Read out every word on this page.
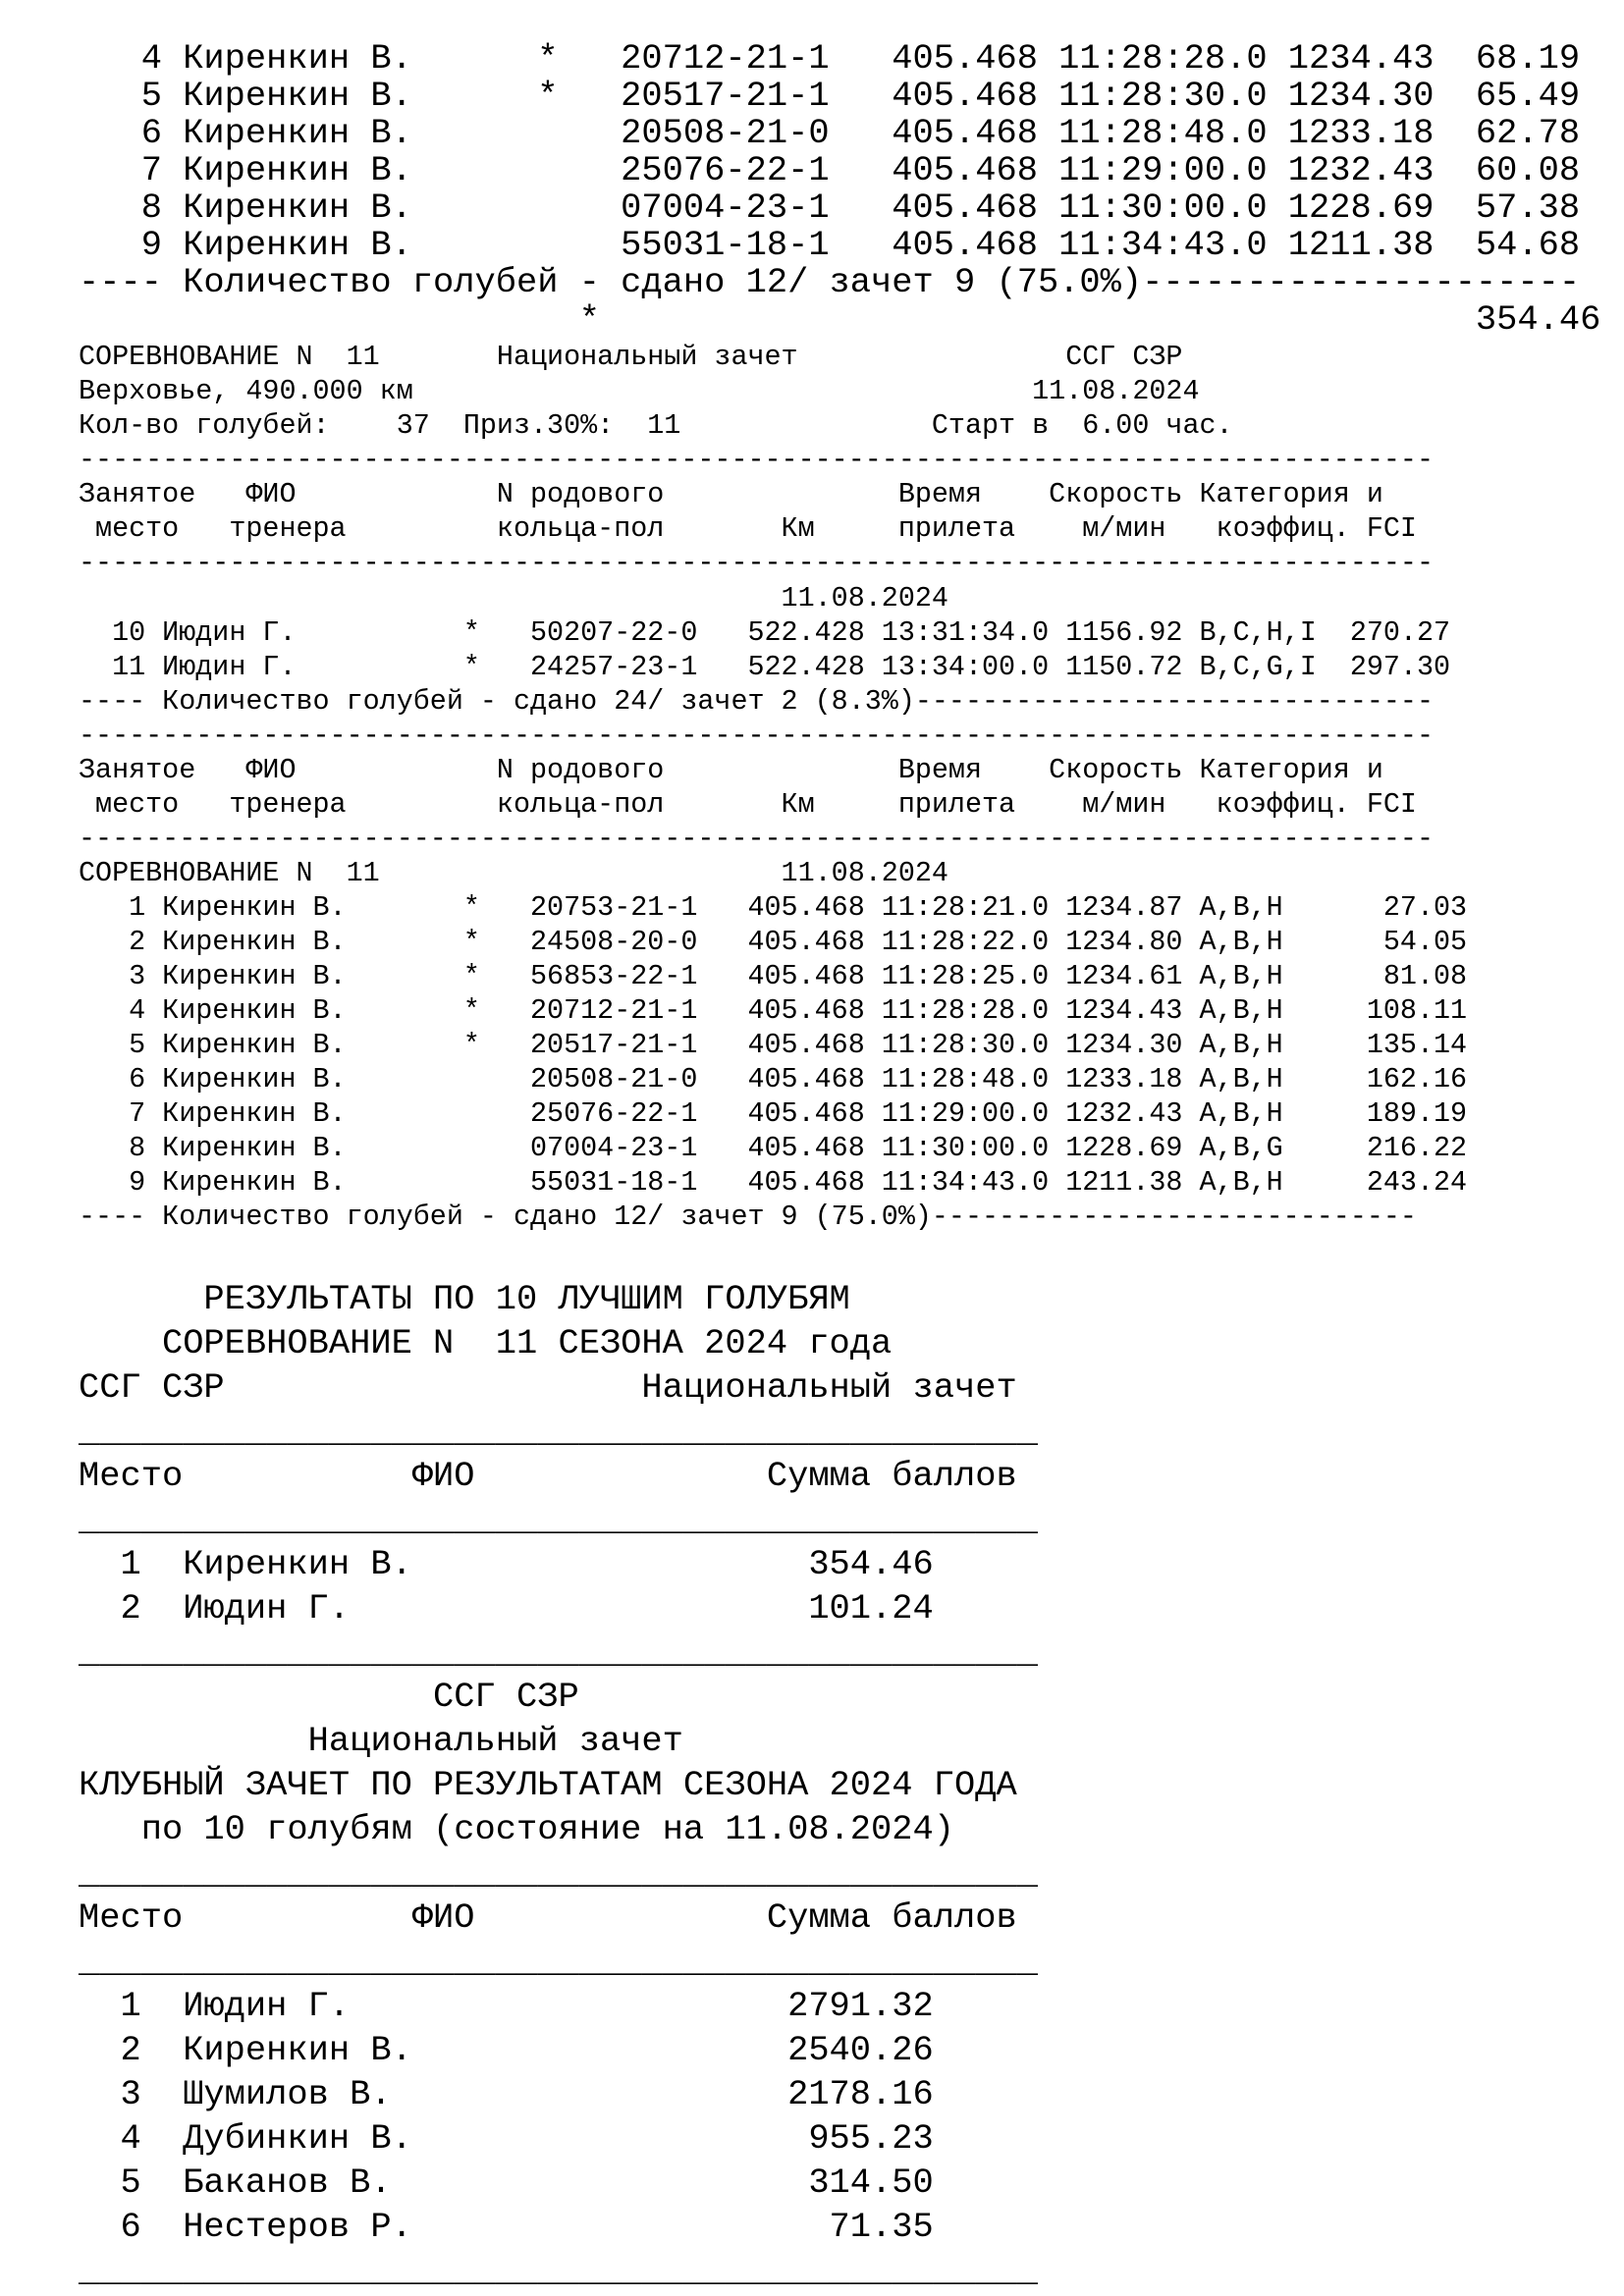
4 Киренкин В.      *   20712-21-1   405.468 11:28:28.0 1234.43  68.19
5 Киренкин В.      *   20517-21-1   405.468 11:28:30.0 1234.30  65.49
6 Киренкин В.          20508-21-0   405.468 11:28:48.0 1233.18  62.78
7 Киренкин В.          25076-22-1   405.468 11:29:00.0 1232.43  60.08
8 Киренкин В.          07004-23-1   405.468 11:30:00.0 1228.69  57.38
9 Киренкин В.          55031-18-1   405.468 11:34:43.0 1211.38  54.68
---- Количество голубей - сдано 12/ зачет 9 (75.0%)---------------------
*                                          354.46
СОРЕВНОВАНИЕ N  11       Национальный зачет                ССГ СЗР
Верховье, 490.000 км                                     11.08.2024
Кол-во голубей:    37  Приз.30%:  11               Старт в  6.00 час.
---------------------------------------------------------------------------------
Занятое   ФИО            N родового              Время    Скорость Категория и
место   тренера         кольца-пол       Км     прилета    м/мин   коэффиц. FCI
---------------------------------------------------------------------------------
11.08.2024
10 Июдин Г.          *   50207-22-0   522.428 13:31:34.0 1156.92 B,C,H,I  270.27
11 Июдин Г.          *   24257-23-1   522.428 13:34:00.0 1150.72 B,C,G,I  297.30
---- Количество голубей - сдано 24/ зачет 2 (8.3%)-------------------------------
---------------------------------------------------------------------------------
Занятое   ФИО            N родового              Время    Скорость Категория и
место   тренера         кольца-пол       Км     прилета    м/мин   коэффиц. FCI
---------------------------------------------------------------------------------
СОРЕВНОВАНИЕ N  11                        11.08.2024
1 Киренкин В.       *   20753-21-1   405.468 11:28:21.0 1234.87 A,B,H      27.03
2 Киренкин В.       *   24508-20-0   405.468 11:28:22.0 1234.80 A,B,H      54.05
3 Киренкин В.       *   56853-22-1   405.468 11:28:25.0 1234.61 A,B,H      81.08
4 Киренкин В.       *   20712-21-1   405.468 11:28:28.0 1234.43 A,B,H     108.11
5 Киренкин В.       *   20517-21-1   405.468 11:28:30.0 1234.30 A,B,H     135.14
6 Киренкин В.           20508-21-0   405.468 11:28:48.0 1233.18 A,B,H     162.16
7 Киренкин В.           25076-22-1   405.468 11:29:00.0 1232.43 A,B,H     189.19
8 Киренкин В.           07004-23-1   405.468 11:30:00.0 1228.69 A,B,G     216.22
9 Киренкин В.           55031-18-1   405.468 11:34:43.0 1211.38 A,B,H     243.24
---- Количество голубей - сдано 12/ зачет 9 (75.0%)-----------------------------
РЕЗУЛЬТАТЫ ПО 10 ЛУЧШИМ ГОЛУБЯМ
СОРЕВНОВАНИЕ N  11 СЕЗОНА 2024 года
ССГ СЗР                    Национальный зачет
______________________________________________
Место           ФИО              Сумма баллов
______________________________________________
1  Киренкин В.                   354.46
2  Июдин Г.                      101.24
______________________________________________
ССГ СЗР
Национальный зачет
КЛУБНЫЙ ЗАЧЕТ ПО РЕЗУЛЬТАТАМ СЕЗОНА 2024 ГОДА
по 10 голубям (состояние на 11.08.2024)
______________________________________________
Место           ФИО              Сумма баллов
______________________________________________
1  Июдин Г.                     2791.32
2  Киренкин В.                  2540.26
3  Шумилов В.                   2178.16
4  Дубинкин В.                   955.23
5  Баканов В.                    314.50
6  Нестеров Р.                    71.35
______________________________________________
